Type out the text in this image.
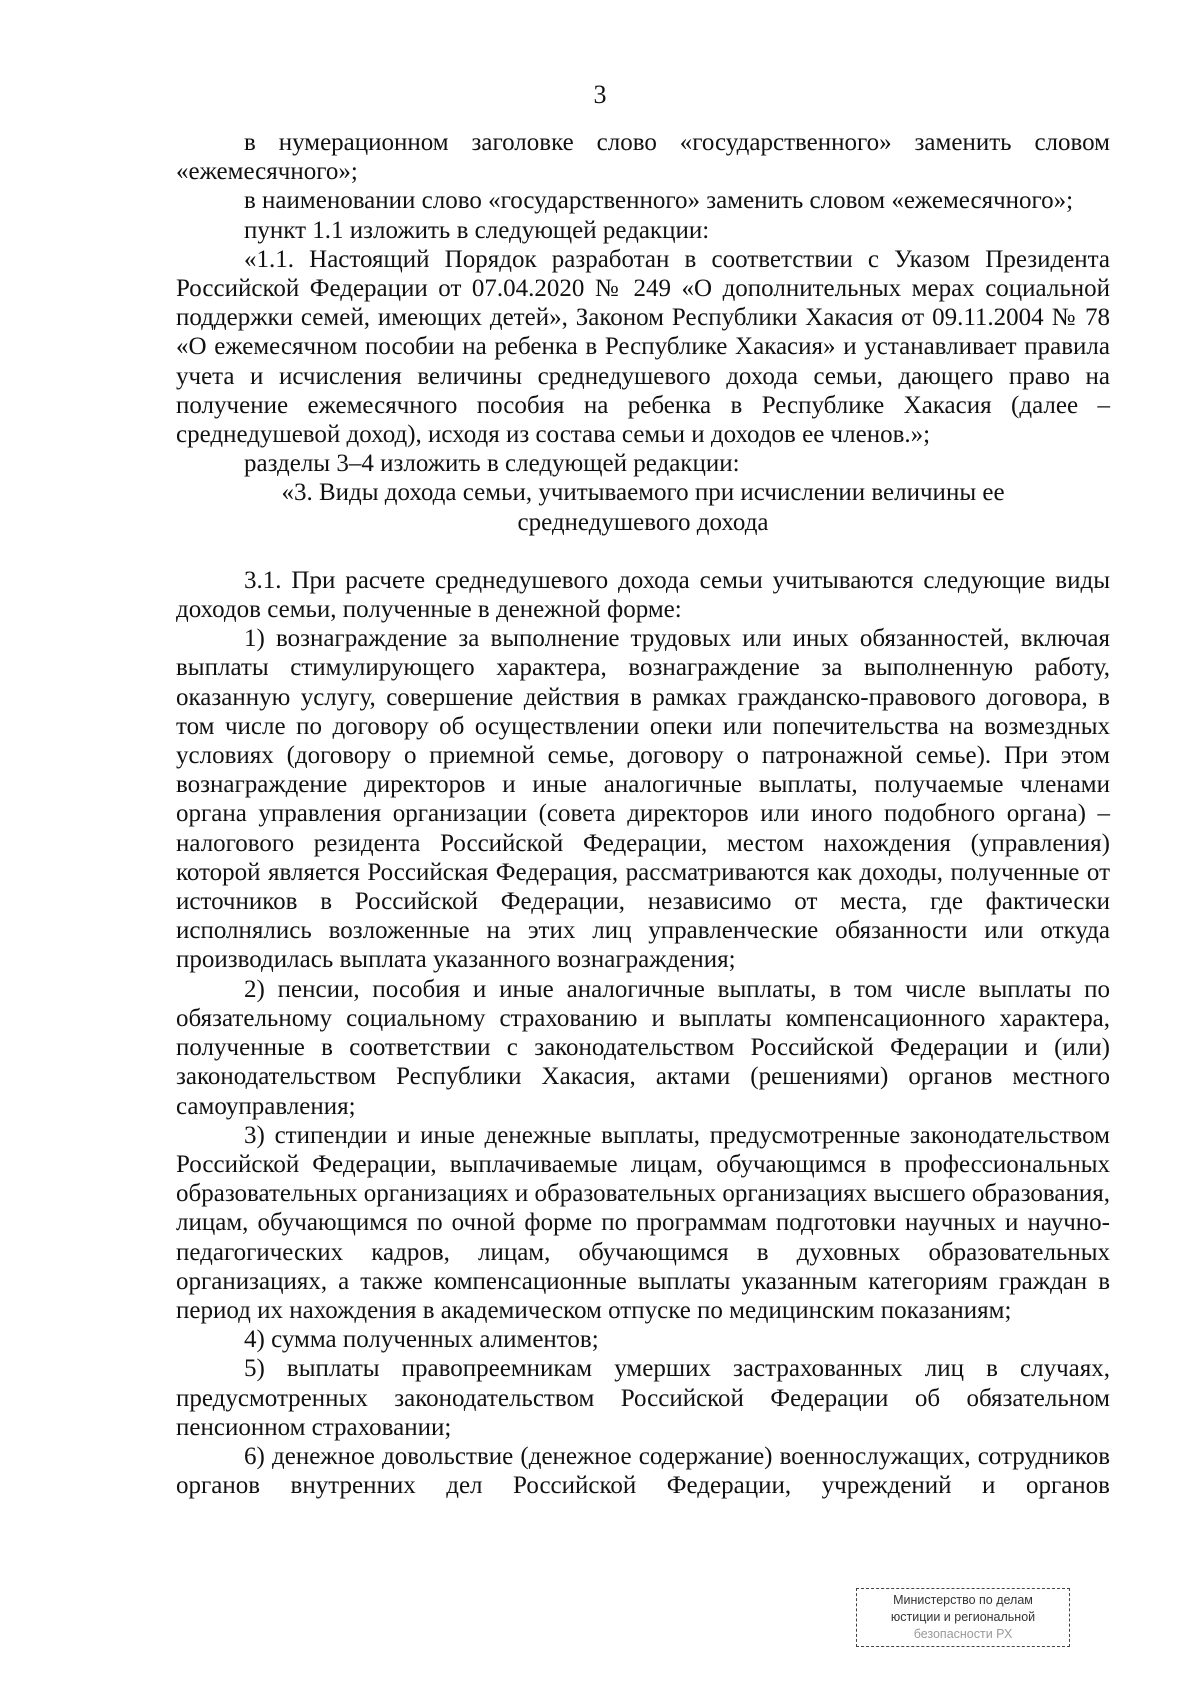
3

в нумерационном заголовке слово «государственного» заменить словом «ежемесячного»;

в наименовании слово «государственного» заменить словом «ежемесячного»;

пункт 1.1 изложить в следующей редакции:

«1.1. Настоящий Порядок разработан в соответствии с Указом Президента Российской Федерации от 07.04.2020 № 249 «О дополнительных мерах социальной поддержки семей, имеющих детей», Законом Республики Хакасия от 09.11.2004 № 78 «О ежемесячном пособии на ребенка в Республике Хакасия» и устанавливает правила учета и исчисления величины среднедушевого дохода семьи, дающего право на получение ежемесячного пособия на ребенка в Республике Хакасия (далее – среднедушевой доход), исходя из состава семьи и доходов ее членов.»;

разделы 3–4 изложить в следующей редакции:

«3. Виды дохода семьи, учитываемого при исчислении величины ее среднедушевого дохода

3.1. При расчете среднедушевого дохода семьи учитываются следующие виды доходов семьи, полученные в денежной форме:

1) вознаграждение за выполнение трудовых или иных обязанностей, включая выплаты стимулирующего характера, вознаграждение за выполненную работу, оказанную услугу, совершение действия в рамках гражданско-правового договора, в том числе по договору об осуществлении опеки или попечительства на возмездных условиях (договору о приемной семье, договору о патронажной семье). При этом вознаграждение директоров и иные аналогичные выплаты, получаемые членами органа управления организации (совета директоров или иного подобного органа) – налогового резидента Российской Федерации, местом нахождения (управления) которой является Российская Федерация, рассматриваются как доходы, полученные от источников в Российской Федерации, независимо от места, где фактически исполнялись возложенные на этих лиц управленческие обязанности или откуда производилась выплата указанного вознаграждения;

2) пенсии, пособия и иные аналогичные выплаты, в том числе выплаты по обязательному социальному страхованию и выплаты компенсационного характера, полученные в соответствии с законодательством Российской Федерации и (или) законодательством Республики Хакасия, актами (решениями) органов местного самоуправления;

3) стипендии и иные денежные выплаты, предусмотренные законодательством Российской Федерации, выплачиваемые лицам, обучающимся в профессиональных образовательных организациях и образовательных организациях высшего образования, лицам, обучающимся по очной форме по программам подготовки научных и научно-педагогических кадров, лицам, обучающимся в духовных образовательных организациях, а также компенсационные выплаты указанным категориям граждан в период их нахождения в академическом отпуске по медицинским показаниям;

4) сумма полученных алиментов;

5) выплаты правопреемникам умерших застрахованных лиц в случаях, предусмотренных законодательством Российской Федерации об обязательном пенсионном страховании;

6) денежное довольствие (денежное содержание) военнослужащих, сотрудников органов внутренних дел Российской Федерации, учреждений и органов

Министерство по делам
юстиции и региональной
безопасности РХ
